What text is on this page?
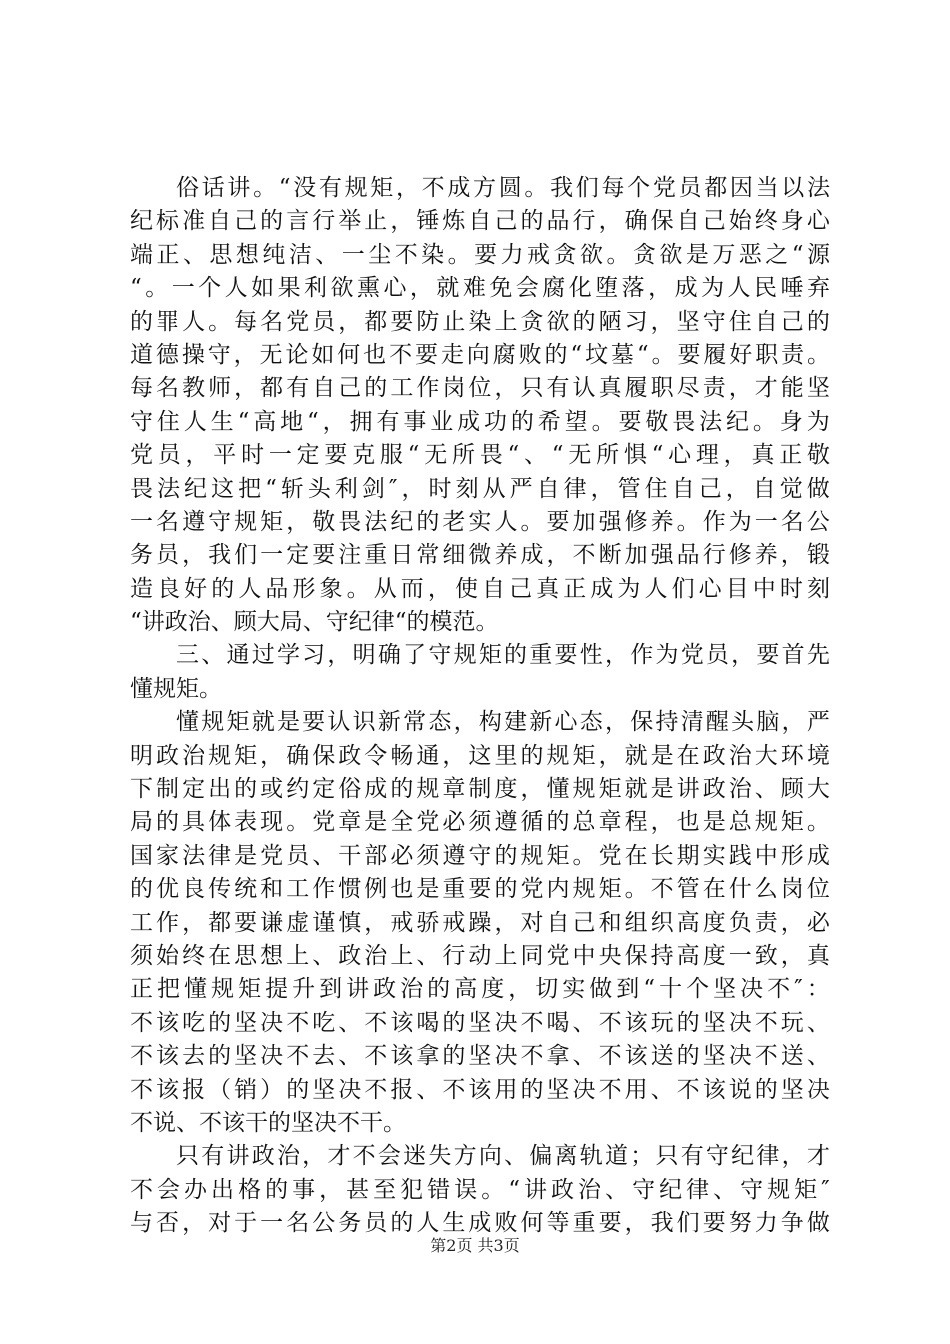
俗 话 讲 。 “ 没 有 规 矩 ， 不 成 方 圆 。 我 们 每 个 党 员 都 因 当 以 法
纪 标 准 自 己 的 言 行 举 止 ， 锤 炼 自 己 的 品 行 ， 确 保 自 己 始 终 身 心
端 正 、 思 想 纯 洁 、 一 尘 不 染 。 要 力 戒 贪 欲 。 贪 欲 是 万 恶 之 “ 源
“ 。 一 个 人 如 果 利 欲 熏 心 ， 就 难 免 会 腐 化 堕 落 ， 成 为 人 民 唾 弃
的 罪 人 。 每 名 党 员 ， 都 要 防 止 染 上 贪 欲 的 陋 习 ， 坚 守 住 自 己 的
道 德 操 守 ， 无 论 如 何 也 不 要 走 向 腐 败 的 “ 坟 墓 “ 。 要 履 好 职 责 。
每 名 教 师 ， 都 有 自 己 的 工 作 岗 位 ， 只 有 认 真 履 职 尽 责 ， 才 能 坚
守 住 人 生 “ 高 地 “ ， 拥 有 事 业 成 功 的 希 望 。 要 敬 畏 法 纪 。 身 为
党 员 ， 平 时 一 定 要 克 服 “ 无 所 畏 “ 、 “ 无 所 惧 “ 心 理 ， 真 正 敬
畏 法 纪 这 把 “ 斩 头 利 剑 ″ ， 时 刻 从 严 自 律 ， 管 住 自 己 ， 自 觉 做
一 名 遵 守 规 矩 ， 敬 畏 法 纪 的 老 实 人 。 要 加 强 修 养 。 作 为 一 名 公
务 员 ， 我 们 一 定 要 注 重 日 常 细 微 养 成 ， 不 断 加 强 品 行 修 养 ， 锻
造 良 好 的 人 品 形 象 。 从 而 ， 使 自 己 真 正 成 为 人 们 心 目 中 时 刻
“讲政治、顾大局、守纪律“的模范。
三 、 通 过 学 习 ， 明 确 了 守 规 矩 的 重 要 性 ， 作 为 党 员 ， 要 首 先
懂规矩。
懂 规 矩 就 是 要 认 识 新 常 态 ， 构 建 新 心 态 ， 保 持 清 醒 头 脑 ， 严
明 政 治 规 矩 ， 确 保 政 令 畅 通 ， 这 里 的 规 矩 ， 就 是 在 政 治 大 环 境
下 制 定 出 的 或 约 定 俗 成 的 规 章 制 度 ， 懂 规 矩 就 是 讲 政 治 、 顾 大
局 的 具 体 表 现 。 党 章 是 全 党 必 须 遵 循 的 总 章 程 ， 也 是 总 规 矩 。
国 家 法 律 是 党 员 、 干 部 必 须 遵 守 的 规 矩 。 党 在 长 期 实 践 中 形 成
的 优 良 传 统 和 工 作 惯 例 也 是 重 要 的 党 内 规 矩 。 不 管 在 什 么 岗 位
工 作 ， 都 要 谦 虚 谨 慎 ， 戒 骄 戒 躁 ， 对 自 己 和 组 织 高 度 负 责 ， 必
须 始 终 在 思 想 上 、 政 治 上 、 行 动 上 同 党 中 央 保 持 高 度 一 致 ， 真
正 把 懂 规 矩 提 升 到 讲 政 治 的 高 度 ， 切 实 做 到 “ 十 个 坚 决 不 ″ ：
不 该 吃 的 坚 决 不 吃 、 不 该 喝 的 坚 决 不 喝 、 不 该 玩 的 坚 决 不 玩 、
不 该 去 的 坚 决 不 去 、 不 该 拿 的 坚 决 不 拿 、 不 该 送 的 坚 决 不 送 、
不 该 报 （ 销 ） 的 坚 决 不 报 、 不 该 用 的 坚 决 不 用 、 不 该 说 的 坚 决
不说、不该干的坚决不干。
只 有 讲 政 治 ， 才 不 会 迷 失 方 向 、 偏 离 轨 道 ； 只 有 守 纪 律 ， 才
不 会 办 出 格 的 事 ， 甚 至 犯 错 误 。 “ 讲 政 治 、 守 纪 律 、 守 规 矩 ″
与 否 ， 对 于 一 名 公 务 员 的 人 生 成 败 何 等 重 要 ， 我 们 要 努 力 争 做
第2页 共3页
